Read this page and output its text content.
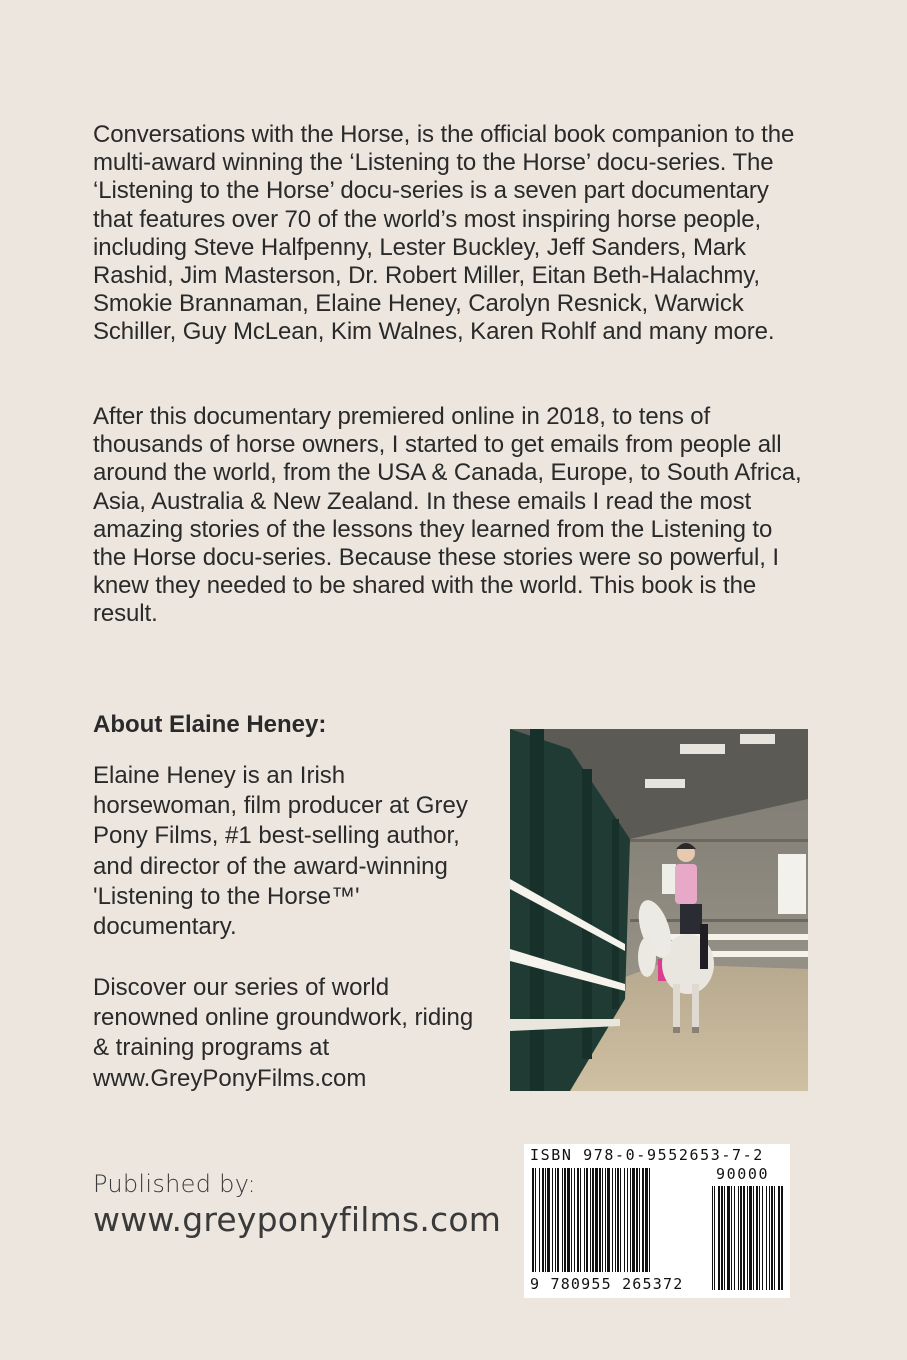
Conversations with the Horse, is the official book companion to the multi-award winning the ‘Listening to the Horse’ docu-series. The ‘Listening to the Horse’ docu-series is a seven part documentary that features over 70 of the world’s most inspiring horse people, including Steve Halfpenny, Lester Buckley, Jeff Sanders, Mark Rashid, Jim Masterson, Dr. Robert Miller, Eitan Beth-Halachmy, Smokie Brannaman, Elaine Heney, Carolyn Resnick, Warwick Schiller, Guy McLean, Kim Walnes, Karen Rohlf and many more.

After this documentary premiered online in 2018, to tens of thousands of horse owners, I started to get emails from people all around the world, from the USA & Canada, Europe, to South Africa, Asia, Australia & New Zealand. In these emails I read the most amazing stories of the lessons they learned from the Listening to the Horse docu-series. Because these stories were so powerful, I knew they needed to be shared with the world. This book is the result.

About Elaine Heney:

Elaine Heney is an Irish horsewoman, film producer at Grey Pony Films, #1 best-selling author, and director of the award-winning 'Listening to the Horse™' documentary.

Discover our series of world renowned online groundwork, riding & training programs at www.GreyPonyFilms.com

Published by:

www.greyponyfilms.com

ISBN 978-0-9552653-7-2
90000
9 780955 265372
